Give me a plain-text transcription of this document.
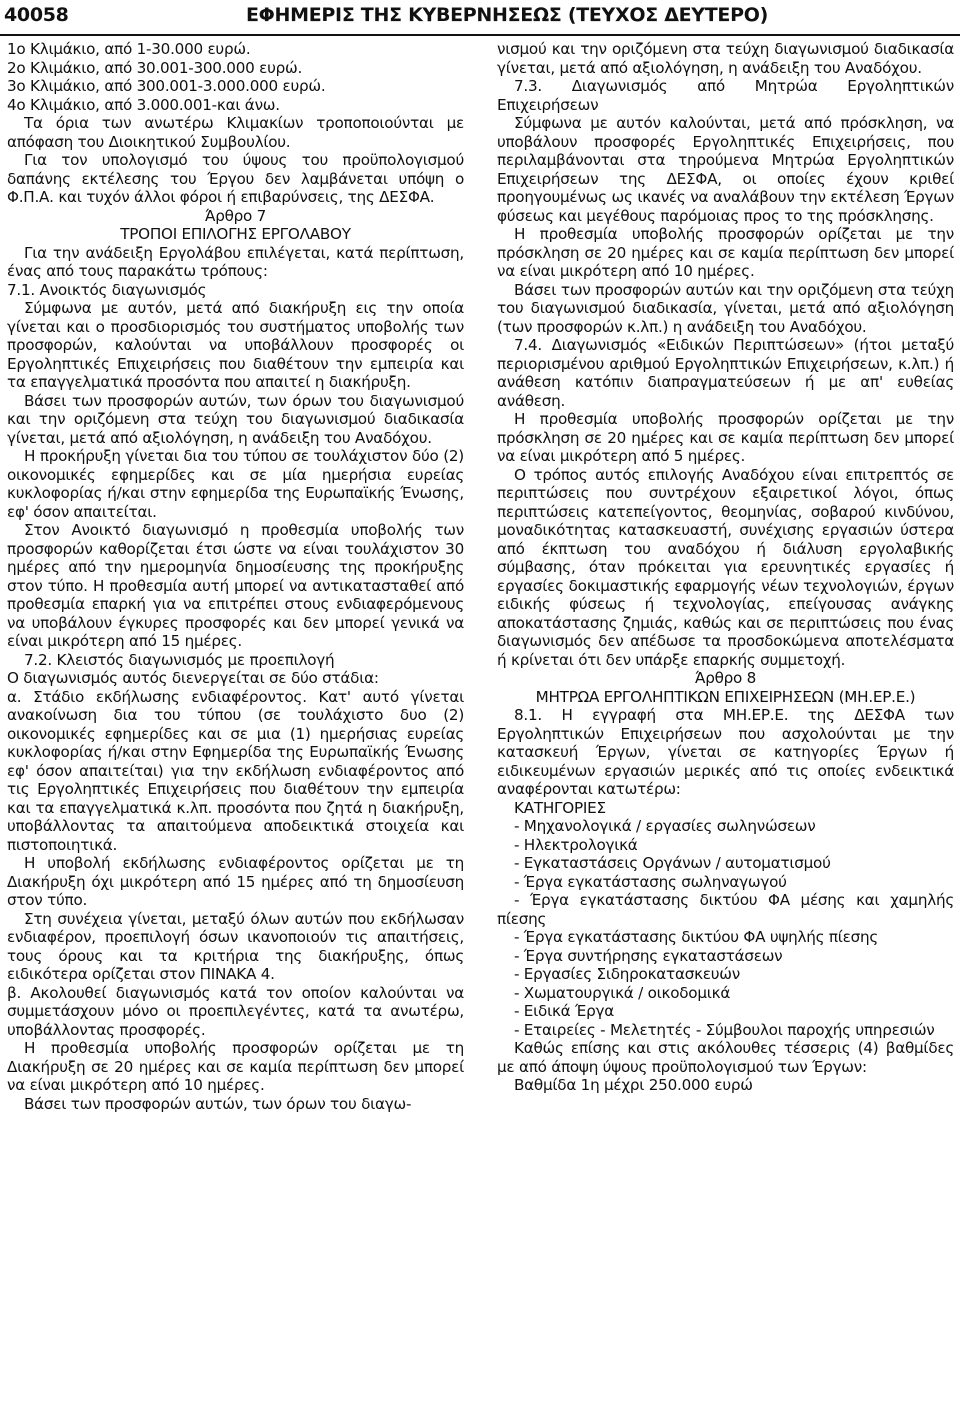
40058	ΕΦΗΜΕΡΙΣ ΤΗΣ ΚΥΒΕΡΝΗΣΕΩΣ (ΤΕΥΧΟΣ ΔΕΥΤΕΡΟ)

1ο Κλιμάκιο, από 1-30.000 ευρώ.

2ο Κλιμάκιο, από 30.001-300.000 ευρώ.

3ο Κλιμάκιο, από 300.001-3.000.000 ευρώ.

4ο Κλιμάκιο, από 3.000.001-και άνω.

Τα όρια των ανωτέρω Κλιμακίων τροποποιούνται με απόφαση του Διοικητικού Συμβουλίου.

Για τον υπολογισμό του ύψους του προϋπολογισμού δαπάνης εκτέλεσης του Έργου δεν λαμβάνεται υπόψη ο Φ.Π.Α. και τυχόν άλλοι φόροι ή επιβαρύνσεις, της ΔΕΣΦΑ.

Άρθρο 7

ΤΡΟΠΟΙ ΕΠΙΛΟΓΗΣ ΕΡΓΟΛΑΒΟΥ

Για την ανάδειξη Εργολάβου επιλέγεται, κατά περίπτωση, ένας από τους παρακάτω τρόπους:

7.1. Ανοικτός διαγωνισμός

Σύμφωνα με αυτόν, μετά από διακήρυξη εις την οποία γίνεται και ο προσδιορισμός του συστήματος υποβολής των προσφορών, καλούνται να υποβάλλουν προσφορές οι Εργοληπτικές Επιχειρήσεις που διαθέτουν την εμπειρία και τα επαγγελματικά προσόντα που απαιτεί η διακήρυξη.

Βάσει των προσφορών αυτών, των όρων του διαγωνισμού και την οριζόμενη στα τεύχη του διαγωνισμού διαδικασία γίνεται, μετά από αξιολόγηση, η ανάδειξη του Αναδόχου.

Η προκήρυξη γίνεται δια του τύπου σε τουλάχιστον δύο (2) οικονομικές εφημερίδες και σε μία ημερήσια ευρείας κυκλοφορίας ή/και στην εφημερίδα της Ευρωπαϊκής Ένωσης, εφ' όσον απαιτείται.

Στον Ανοικτό διαγωνισμό η προθεσμία υποβολής των προσφορών καθορίζεται έτσι ώστε να είναι τουλάχιστον 30 ημέρες από την ημερομηνία δημοσίευσης της προκήρυξης στον τύπο. Η προθεσμία αυτή μπορεί να αντικατασταθεί από προθεσμία επαρκή για να επιτρέπει στους ενδιαφερόμενους να υποβάλουν έγκυρες προσφορές και δεν μπορεί γενικά να είναι μικρότερη από 15 ημέρες.

7.2. Κλειστός διαγωνισμός με προεπιλογή

Ο διαγωνισμός αυτός διενεργείται σε δύο στάδια:

α. Στάδιο εκδήλωσης ενδιαφέροντος. Κατ' αυτό γίνεται ανακοίνωση δια του τύπου (σε τουλάχιστο δυο (2) οικονομικές εφημερίδες και σε μια (1) ημερήσιας ευρείας κυκλοφορίας ή/και στην Εφημερίδα της Ευρωπαϊκής Ένωσης εφ' όσον απαιτείται) για την εκδήλωση ενδιαφέροντος από τις Εργοληπτικές Επιχειρήσεις που διαθέτουν την εμπειρία και τα επαγγελματικά κ.λπ. προσόντα που ζητά η διακήρυξη, υποβάλλοντας τα απαιτούμενα αποδεικτικά στοιχεία και πιστοποιητικά.

Η υποβολή εκδήλωσης ενδιαφέροντος ορίζεται με τη Διακήρυξη όχι μικρότερη από 15 ημέρες από τη δημοσίευση στον τύπο.

Στη συνέχεια γίνεται, μεταξύ όλων αυτών που εκδήλωσαν ενδιαφέρον, προεπιλογή όσων ικανοποιούν τις απαιτήσεις, τους όρους και τα κριτήρια της διακήρυξης, όπως ειδικότερα ορίζεται στον ΠΙΝΑΚΑ 4.

β. Ακολουθεί διαγωνισμός κατά τον οποίον καλούνται να συμμετάσχουν μόνο οι προεπιλεγέντες, κατά τα ανωτέρω, υποβάλλοντας προσφορές.

Η προθεσμία υποβολής προσφορών ορίζεται με τη Διακήρυξη σε 20 ημέρες και σε καμία περίπτωση δεν μπορεί να είναι μικρότερη από 10 ημέρες.

Βάσει των προσφορών αυτών, των όρων του διαγω-

νισμού και την οριζόμενη στα τεύχη διαγωνισμού διαδικασία γίνεται, μετά από αξιολόγηση, η ανάδειξη του Αναδόχου.

7.3. Διαγωνισμός από Μητρώα Εργοληπτικών Επιχειρήσεων

Σύμφωνα με αυτόν καλούνται, μετά από πρόσκληση, να υποβάλουν προσφορές Εργοληπτικές Επιχειρήσεις, που περιλαμβάνονται στα τηρούμενα Μητρώα Εργοληπτικών Επιχειρήσεων της ΔΕΣΦΑ, οι οποίες έχουν κριθεί προηγουμένως ως ικανές να αναλάβουν την εκτέλεση Έργων φύσεως και μεγέθους παρόμοιας προς το της πρόσκλησης.

Η προθεσμία υποβολής προσφορών ορίζεται με την πρόσκληση σε 20 ημέρες και σε καμία περίπτωση δεν μπορεί να είναι μικρότερη από 10 ημέρες.

Βάσει των προσφορών αυτών και την οριζόμενη στα τεύχη του διαγωνισμού διαδικασία, γίνεται, μετά από αξιολόγηση (των προσφορών κ.λπ.) η ανάδειξη του Αναδόχου.

7.4. Διαγωνισμός «Ειδικών Περιπτώσεων» (ήτοι μεταξύ περιορισμένου αριθμού Εργοληπτικών Επιχειρήσεων, κ.λπ.) ή ανάθεση κατόπιν διαπραγματεύσεων ή με απ' ευθείας ανάθεση.

Η προθεσμία υποβολής προσφορών ορίζεται με την πρόσκληση σε 20 ημέρες και σε καμία περίπτωση δεν μπορεί να είναι μικρότερη από 5 ημέρες.

Ο τρόπος αυτός επιλογής Αναδόχου είναι επιτρεπτός σε περιπτώσεις που συντρέχουν εξαιρετικοί λόγοι, όπως περιπτώσεις κατεπείγοντος, θεομηνίας, σοβαρού κινδύνου, μοναδικότητας κατασκευαστή, συνέχισης εργασιών ύστερα από έκπτωση του αναδόχου ή διάλυση εργολαβικής σύμβασης, όταν πρόκειται για ερευνητικές εργασίες ή εργασίες δοκιμαστικής εφαρμογής νέων τεχνολογιών, έργων ειδικής φύσεως ή τεχνολογίας, επείγουσας ανάγκης αποκατάστασης ζημιάς, καθώς και σε περιπτώσεις που ένας διαγωνισμός δεν απέδωσε τα προσδοκώμενα αποτελέσματα ή κρίνεται ότι δεν υπάρξε επαρκής συμμετοχή.

Άρθρο 8

ΜΗΤΡΩΑ ΕΡΓΟΛΗΠΤΙΚΩΝ ΕΠΙΧΕΙΡΗΣΕΩΝ (ΜΗ.ΕΡ.Ε.)

8.1. Η εγγραφή στα ΜΗ.ΕΡ.Ε. της ΔΕΣΦΑ των Εργοληπτικών Επιχειρήσεων που ασχολούνται με την κατασκευή Έργων, γίνεται σε κατηγορίες Έργων ή ειδικευμένων εργασιών μερικές από τις οποίες ενδεικτικά αναφέρονται κατωτέρω:

ΚΑΤΗΓΟΡΙΕΣ

- Μηχανολογικά / εργασίες σωληνώσεων

- Ηλεκτρολογικά

- Εγκαταστάσεις Οργάνων / αυτοματισμού

- Έργα εγκατάστασης σωληναγωγού

- Έργα εγκατάστασης δικτύου ΦΑ μέσης και χαμηλής πίεσης

- Έργα εγκατάστασης δικτύου ΦΑ υψηλής πίεσης

- Έργα συντήρησης εγκαταστάσεων

- Εργασίες Σιδηροκατασκευών

- Χωματουργικά / οικοδομικά

- Ειδικά Έργα

- Εταιρείες - Μελετητές - Σύμβουλοι παροχής υπηρεσιών

Καθώς επίσης και στις ακόλουθες τέσσερις (4) βαθμίδες με από άποψη ύψους προϋπολογισμού των Έργων:

Βαθμίδα 1η μέχρι 250.000 ευρώ
